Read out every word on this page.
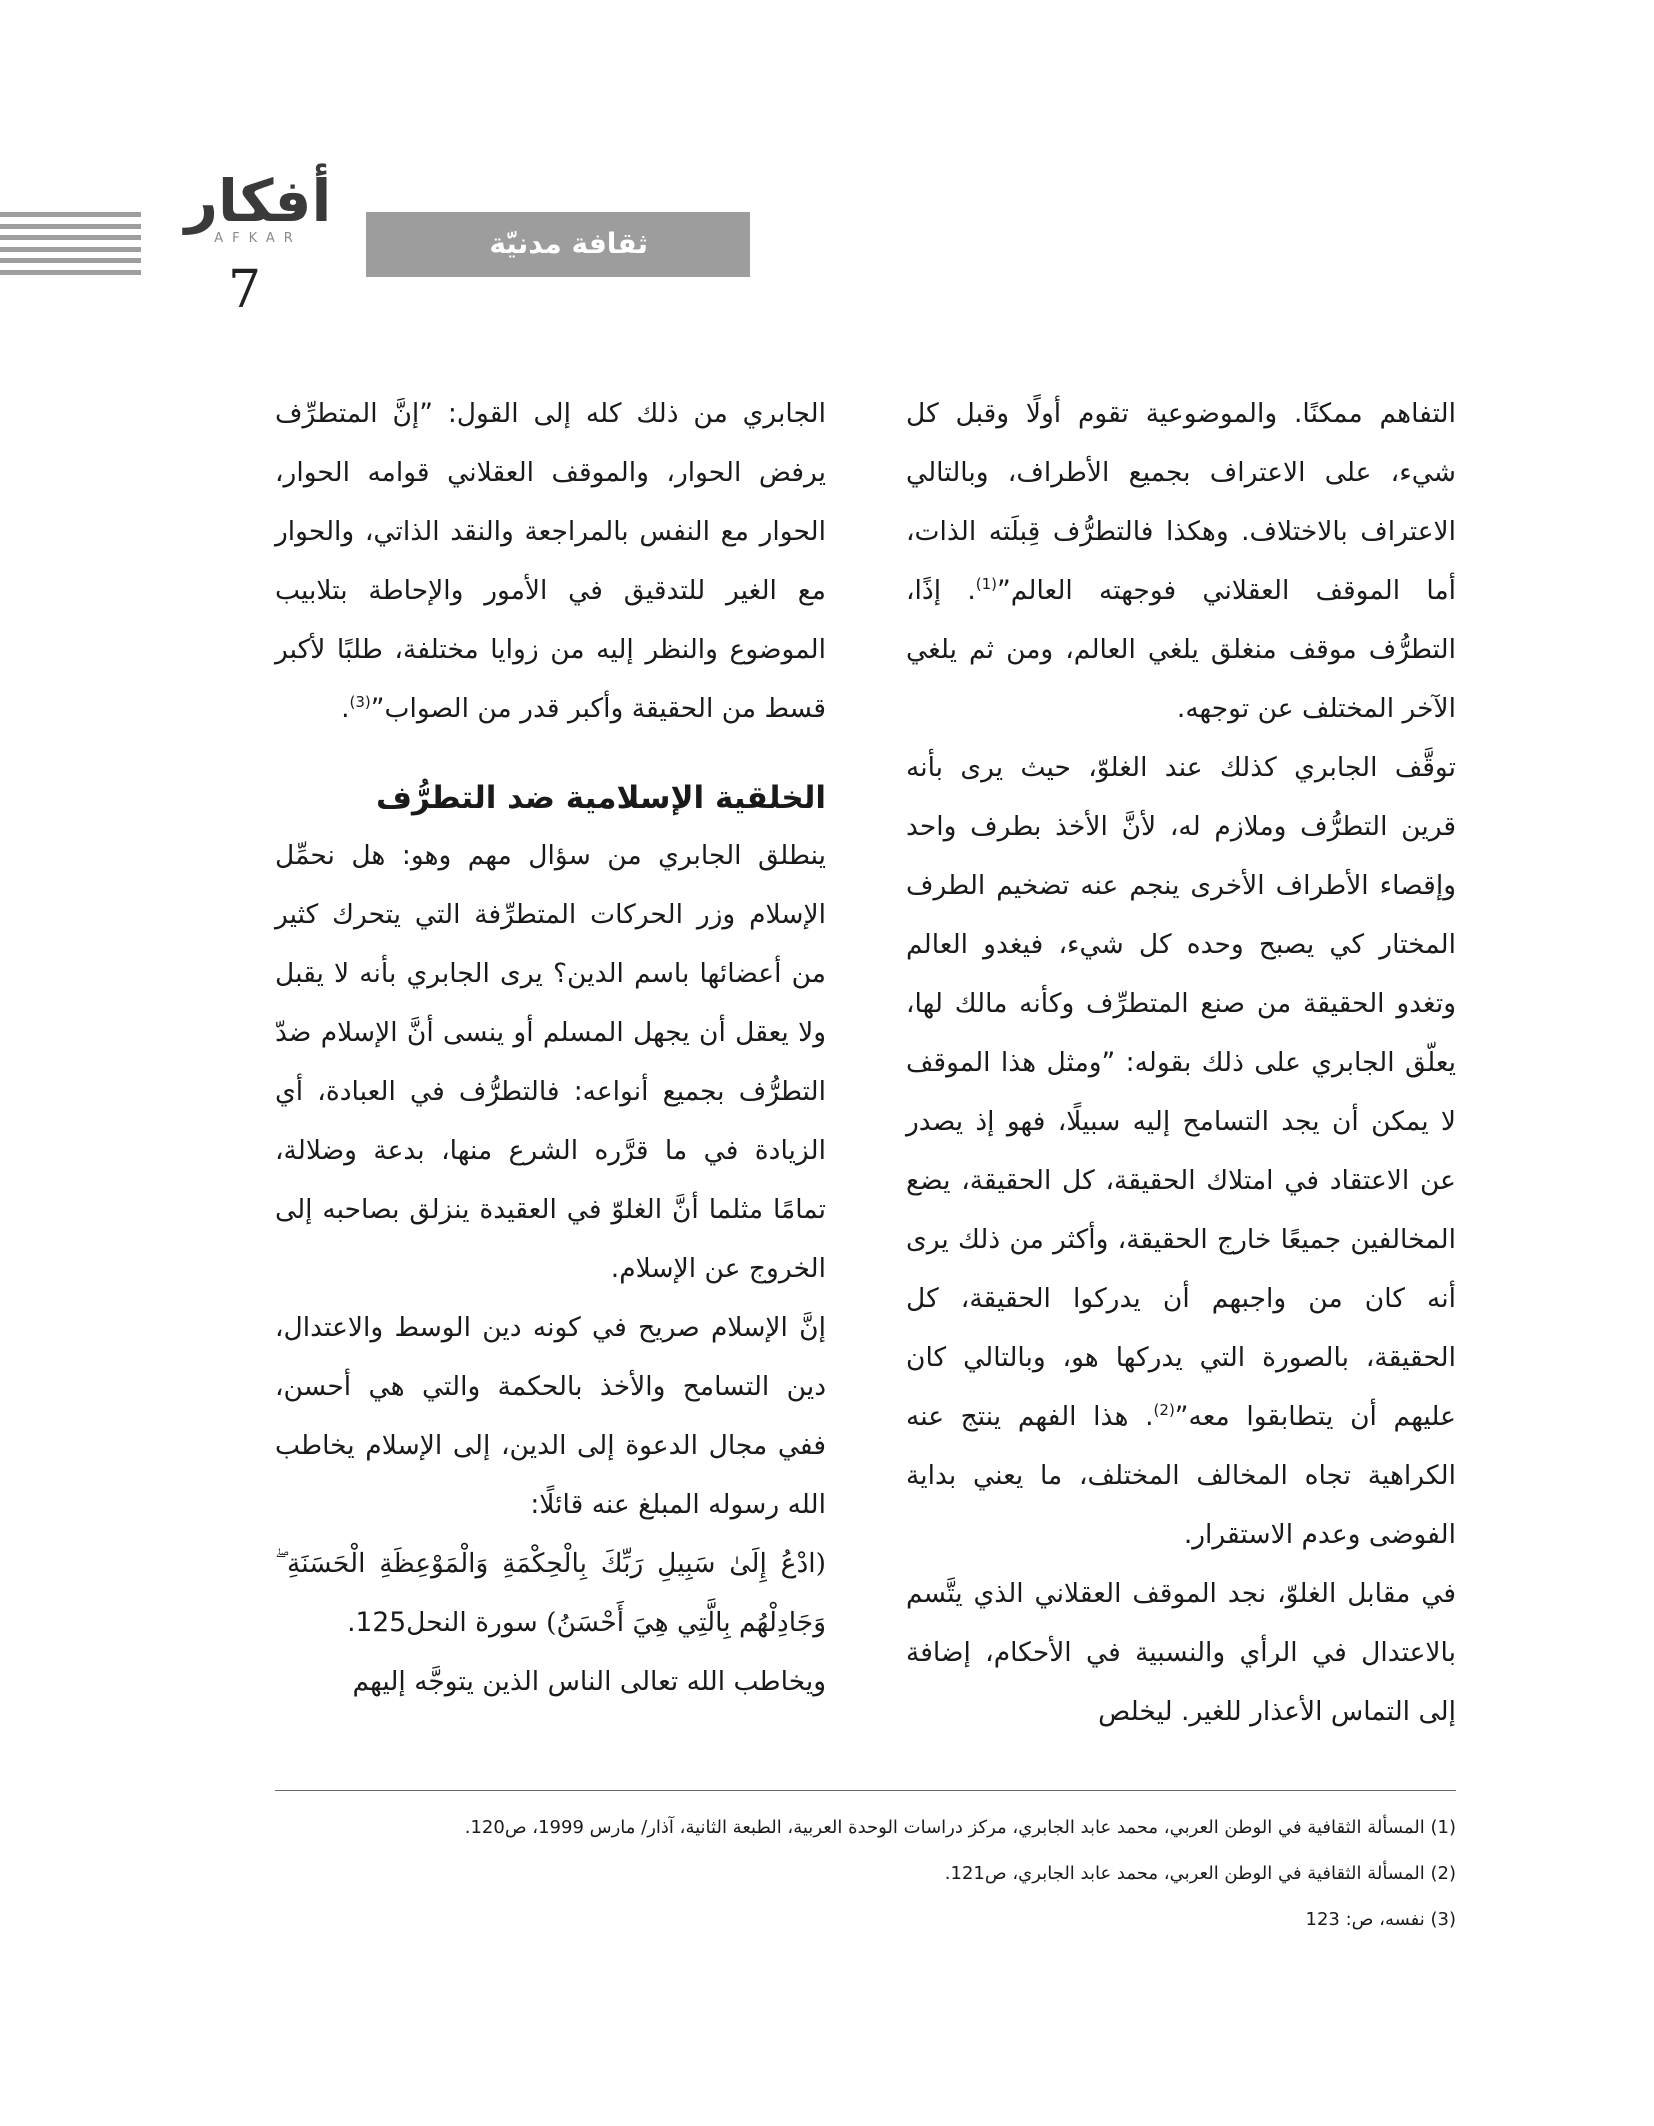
أفكار
AFKAR
7
ثقافة مدنيّة

التفاهم ممكنًا. والموضوعية تقوم أولًا وقبل كل شيء، على الاعتراف بجميع الأطراف، وبالتالي الاعتراف بالاختلاف. وهكذا فالتطرُّف قِبلَته الذات، أما الموقف العقلاني فوجهته العالم”$^{(1)}$. إذًا، التطرُّف موقف منغلق يلغي العالم، ومن ثم يلغي الآخر المختلف عن توجهه.

توقَّف الجابري كذلك عند الغلوّ، حيث يرى بأنه قرين التطرُّف وملازم له، لأنَّ الأخذ بطرف واحد وإقصاء الأطراف الأخرى ينجم عنه تضخيم الطرف المختار كي يصبح وحده كل شيء، فيغدو العالم وتغدو الحقيقة من صنع المتطرِّف وكأنه مالك لها، يعلّق الجابري على ذلك بقوله: ”ومثل هذا الموقف لا يمكن أن يجد التسامح إليه سبيلًا، فهو إذ يصدر عن الاعتقاد في امتلاك الحقيقة، كل الحقيقة، يضع المخالفين جميعًا خارج الحقيقة، وأكثر من ذلك يرى أنه كان من واجبهم أن يدركوا الحقيقة، كل الحقيقة، بالصورة التي يدركها هو، وبالتالي كان عليهم أن يتطابقوا معه”$^{(2)}$. هذا الفهم ينتج عنه الكراهية تجاه المخالف المختلف، ما يعني بداية الفوضى وعدم الاستقرار.

في مقابل الغلوّ، نجد الموقف العقلاني الذي يتَّسم بالاعتدال في الرأي والنسبية في الأحكام، إضافة إلى التماس الأعذار للغير. ليخلص

الجابري من ذلك كله إلى القول: ”إنَّ المتطرِّف يرفض الحوار، والموقف العقلاني قوامه الحوار، الحوار مع النفس بالمراجعة والنقد الذاتي، والحوار مع الغير للتدقيق في الأمور والإحاطة بتلابيب الموضوع والنظر إليه من زوايا مختلفة، طلبًا لأكبر قسط من الحقيقة وأكبر قدر من الصواب”$^{(3)}$.

الخلقية الإسلامية ضد التطرُّف

ينطلق الجابري من سؤال مهم وهو: هل نحمِّل الإسلام وزر الحركات المتطرِّفة التي يتحرك كثير من أعضائها باسم الدين؟ يرى الجابري بأنه لا يقبل ولا يعقل أن يجهل المسلم أو ينسى أنَّ الإسلام ضدّ التطرُّف بجميع أنواعه: فالتطرُّف في العبادة، أي الزيادة في ما قرَّره الشرع منها، بدعة وضلالة، تمامًا مثلما أنَّ الغلوّ في العقيدة ينزلق بصاحبه إلى الخروج عن الإسلام.

إنَّ الإسلام صريح في كونه دين الوسط والاعتدال، دين التسامح والأخذ بالحكمة والتي هي أحسن، ففي مجال الدعوة إلى الدين، إلى الإسلام يخاطب الله رسوله المبلغ عنه قائلًا:

(ادْعُ إِلَىٰ سَبِيلِ رَبِّكَ بِالْحِكْمَةِ وَالْمَوْعِظَةِ الْحَسَنَةِ ۖ وَجَادِلْهُم بِالَّتِي هِيَ أَحْسَنُ) سورة النحل125.

ويخاطب الله تعالى الناس الذين يتوجَّه إليهم

(1) المسألة الثقافية في الوطن العربي، محمد عابد الجابري، مركز دراسات الوحدة العربية، الطبعة الثانية، آذار/ مارس 1999، ص120.

(2) المسألة الثقافية في الوطن العربي، محمد عابد الجابري، ص121.

(3) نفسه، ص: 123
